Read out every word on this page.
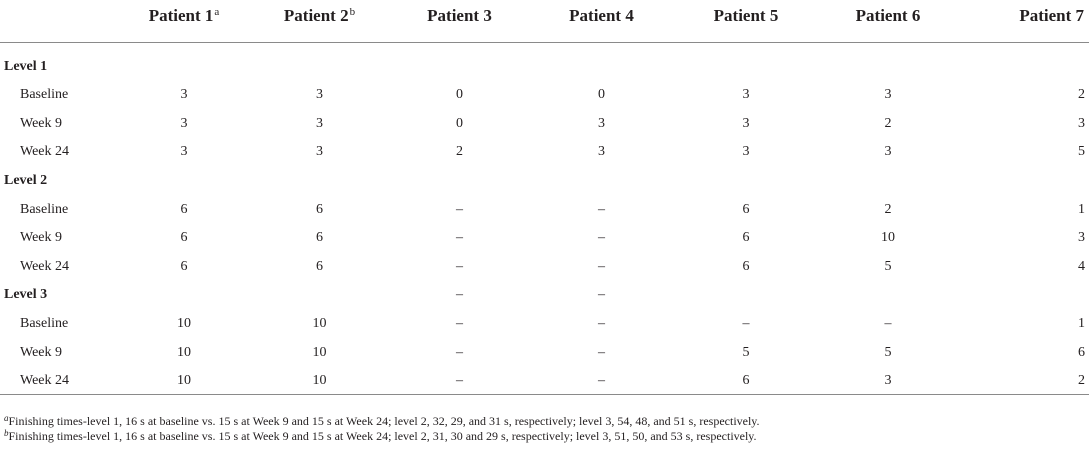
	Patient 1$^a$	Patient 2$^b$	Patient 3	Patient 4	Patient 5	Patient 6	Patient 7
Level 1							
Baseline	3	3	0	0	3	3	2
Week 9	3	3	0	3	3	2	3
Week 24	3	3	2	3	3	3	5
Level 2							
Baseline	6	6	–	–	6	2	1
Week 9	6	6	–	–	6	10	3
Week 24	6	6	–	–	6	5	4
Level 3			–	–			
Baseline	10	10	–	–	–	–	1
Week 9	10	10	–	–	5	5	6
Week 24	10	10	–	–	6	3	2
$^a$Finishing times-level 1, 16 s at baseline vs. 15 s at Week 9 and 15 s at Week 24; level 2, 32, 29, and 31 s, respectively; level 3, 54, 48, and 51 s, respectively.
$^b$Finishing times-level 1, 16 s at baseline vs. 15 s at Week 9 and 15 s at Week 24; level 2, 31, 30 and 29 s, respectively; level 3, 51, 50, and 53 s, respectively.
